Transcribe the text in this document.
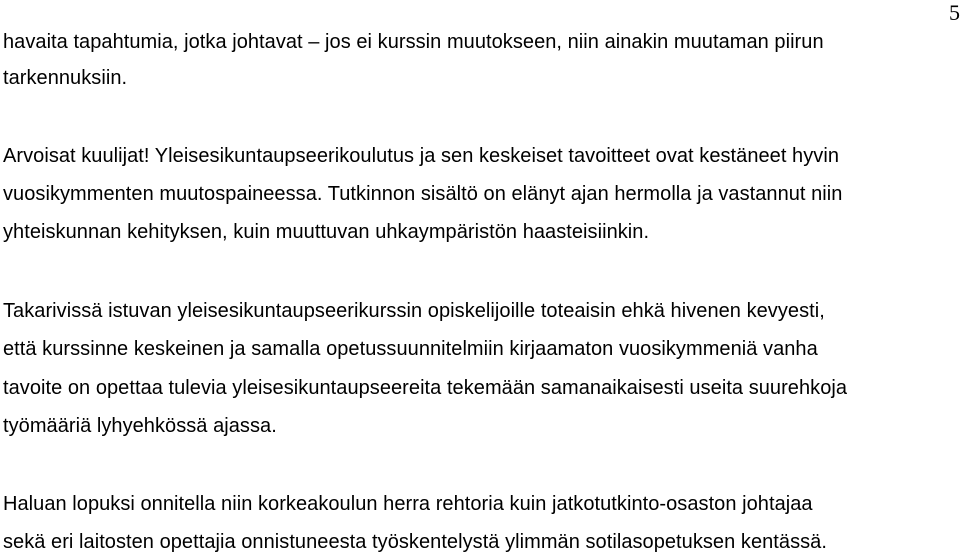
5
havaita tapahtumia, jotka johtavat – jos ei kurssin muutokseen, niin ainakin muutaman piirun
tarkennuksiin.
Arvoisat kuulijat! Yleisesikuntaupseerikoulutus ja sen keskeiset tavoitteet ovat kestäneet hyvin
vuosikymmenten muutospaineessa. Tutkinnon sisältö on elänyt ajan hermolla ja vastannut niin
yhteiskunnan kehityksen, kuin muuttuvan uhkaympäristön haasteisiinkin.
Takarivissä istuvan yleisesikuntaupseerikurssin opiskelijoille toteaisin ehkä hivenen kevyesti,
että kurssinne keskeinen ja samalla opetussuunnitelmiin kirjaamaton vuosikymmeniä vanha
tavoite on opettaa tulevia yleisesikuntaupseereita tekemään samanaikaisesti useita suurehkoja
työmääriä lyhyehkössä ajassa.
Haluan lopuksi onnitella niin korkeakoulun herra rehtoria kuin jatkotutkinto-osaston johtajaa
sekä eri laitosten opettajia onnistuneesta työskentelystä ylimmän sotilasopetuksen kentässä.
